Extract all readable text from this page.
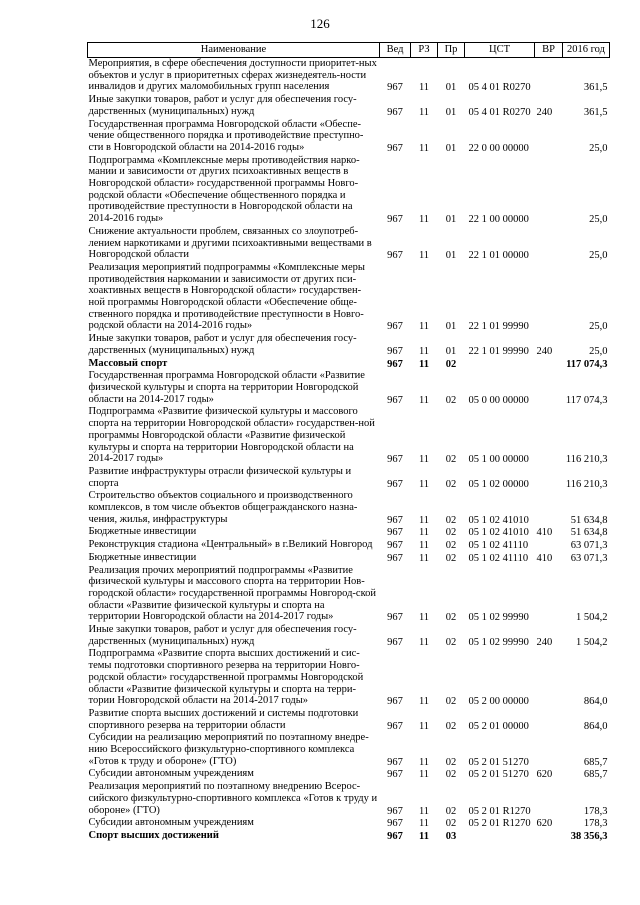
126
Наименование	Вед	РЗ	Пр	ЦСТ	ВР	2016 год
Мероприятия, в сфере обеспечения доступности приоритет-ных объектов и услуг в приоритетных сферах жизнедеятель-ности инвалидов и других маломобильных групп населения	967	11	01	05 4 01 R0270		361,5
Иные закупки товаров, работ и услуг для обеспечения госу-дарственных (муниципальных) нужд	967	11	01	05 4 01 R0270	240	361,5
Государственная программа Новгородской области «Обеспе-чение общественного порядка и противодействие преступно-сти в Новгородской области на 2014-2016 годы»	967	11	01	22 0 00 00000		25,0
Подпрограмма «Комплексные меры противодействия нарко-мании и зависимости от других психоактивных веществ в Новгородской области» государственной программы Новго-родской области «Обеспечение общественного порядка и противодействие преступности в Новгородской области на 2014-2016 годы»	967	11	01	22 1 00 00000		25,0
Снижение актуальности проблем, связанных со злоупотреб-лением наркотиками и другими психоактивными веществами в Новгородской области	967	11	01	22 1 01 00000		25,0
Реализация мероприятий подпрограммы «Комплексные меры противодействия наркомании и зависимости от других пси-хоактивных веществ в Новгородской области» государствен-ной программы Новгородской области «Обеспечение обще-ственного порядка и противодействие преступности в Новго-родской области на 2014-2016 годы»	967	11	01	22 1 01 99990		25,0
Иные закупки товаров, работ и услуг для обеспечения госу-дарственных (муниципальных) нужд	967	11	01	22 1 01 99990	240	25,0
Массовый спорт	967	11	02			117 074,3
Государственная программа Новгородской области «Развитие физической культуры и спорта на территории Новгородской области на 2014-2017 годы»	967	11	02	05 0 00 00000		117 074,3
Подпрограмма «Развитие физической культуры и массового спорта на территории Новгородской области» государствен-ной программы Новгородской области «Развитие физической культуры и спорта на территории Новгородской области на 2014-2017 годы»	967	11	02	05 1 00 00000		116 210,3
Развитие инфраструктуры отрасли физической культуры и спорта	967	11	02	05 1 02 00000		116 210,3
Строительство объектов социального и производственного комплексов, в том числе объектов общегражданского назна-чения, жилья, инфраструктуры	967	11	02	05 1 02 41010		51 634,8
Бюджетные инвестиции	967	11	02	05 1 02 41010	410	51 634,8
Реконструкция стадиона «Центральный» в г.Великий Новгород	967	11	02	05 1 02 41110		63 071,3
Бюджетные инвестиции	967	11	02	05 1 02 41110	410	63 071,3
Реализация прочих мероприятий подпрограммы «Развитие физической культуры и массового спорта на территории Нов-городской области» государственной программы Новгород-ской области «Развитие физической культуры и спорта на территории Новгородской области на 2014-2017 годы»	967	11	02	05 1 02 99990		1 504,2
Иные закупки товаров, работ и услуг для обеспечения госу-дарственных (муниципальных) нужд	967	11	02	05 1 02 99990	240	1 504,2
Подпрограмма «Развитие спорта высших достижений и сис-темы подготовки спортивного резерва на территории Новго-родской области» государственной программы Новгородской области «Развитие физической культуры и спорта на терри-тории Новгородской области на 2014-2017 годы»	967	11	02	05 2 00 00000		864,0
Развитие спорта высших достижений и системы подготовки спортивного резерва на территории области	967	11	02	05 2 01 00000		864,0
Субсидии на реализацию мероприятий по поэтапному внедре-нию Всероссийского физкультурно-спортивного комплекса «Готов к труду и обороне» (ГТО)	967	11	02	05 2 01 51270		685,7
Субсидии автономным учреждениям	967	11	02	05 2 01 51270	620	685,7
Реализация мероприятий по поэтапному внедрению Всерос-сийского физкультурно-спортивного комплекса «Готов к труду и обороне» (ГТО)	967	11	02	05 2 01 R1270		178,3
Субсидии автономным учреждениям	967	11	02	05 2 01 R1270	620	178,3
Спорт высших достижений	967	11	03			38 356,3
